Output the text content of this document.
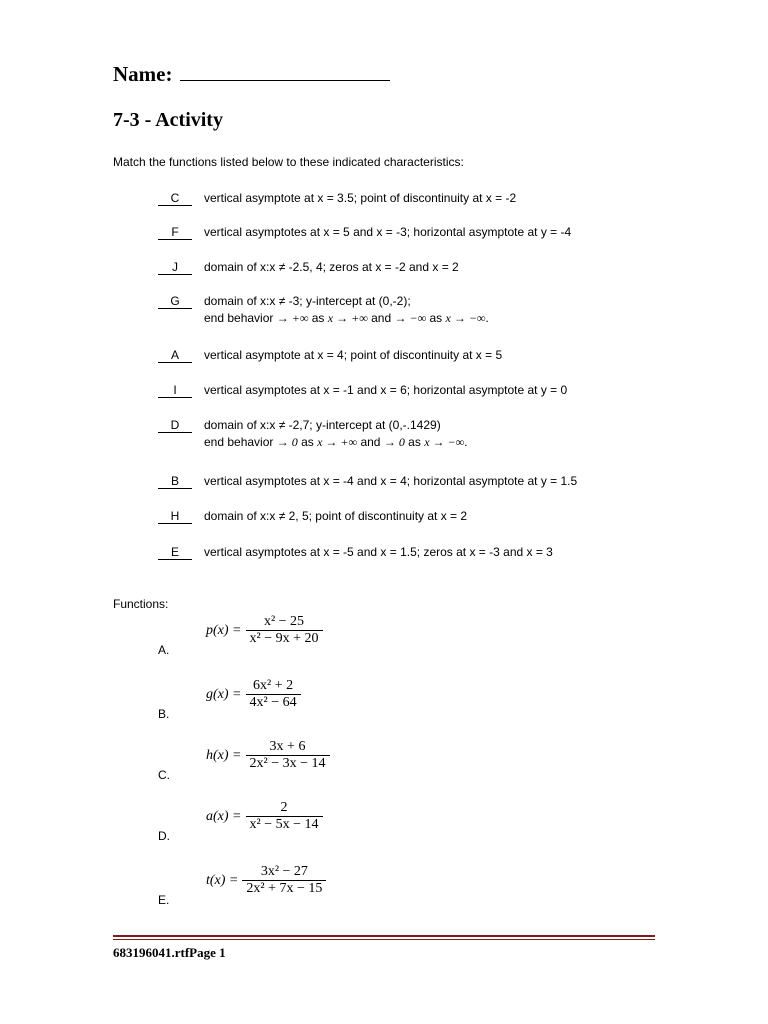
Name:
7-3 - Activity
Match the functions listed below to these indicated characteristics:
C vertical asymptote at x = 3.5; point of discontinuity at x = -2
F vertical asymptotes at x = 5 and x = -3; horizontal asymptote at y = -4
J domain of x:x ≠ -2.5, 4; zeros at x = -2 and x = 2
G domain of x:x ≠ -3; y-intercept at (0,-2);
end behavior → +∞ as x → +∞ and → −∞ as x → −∞.
A vertical asymptote at x = 4; point of discontinuity at x = 5
I vertical asymptotes at x = -1 and x = 6; horizontal asymptote at y = 0
D domain of x:x ≠ -2,7; y-intercept at (0,-.1429)
end behavior → 0 as x → +∞ and → 0 as x → −∞.
B vertical asymptotes at x = -4 and x = 4; horizontal asymptote at y = 1.5
H domain of x:x ≠ 2, 5; point of discontinuity at x = 2
E vertical asymptotes at x = -5 and x = 1.5; zeros at x = -3 and x = 3
Functions:
A.
$p(x) = \frac{\text{x² − 25}}{\text{x² − 9x + 20}}$
B.
$g(x) = \frac{\text{6x² + 2}}{\text{4x² − 64}}$
C.
$h(x) = \frac{3x + 6}{\text{2x² − 3x − 14}}$
D.
$a(x) = \frac{2}{\text{x² − 5x − 14}}$
E.
$t(x) = \frac{\text{3x² − 27}}{\text{2x² + 7x − 15}}$
683196041.rtfPage 1
